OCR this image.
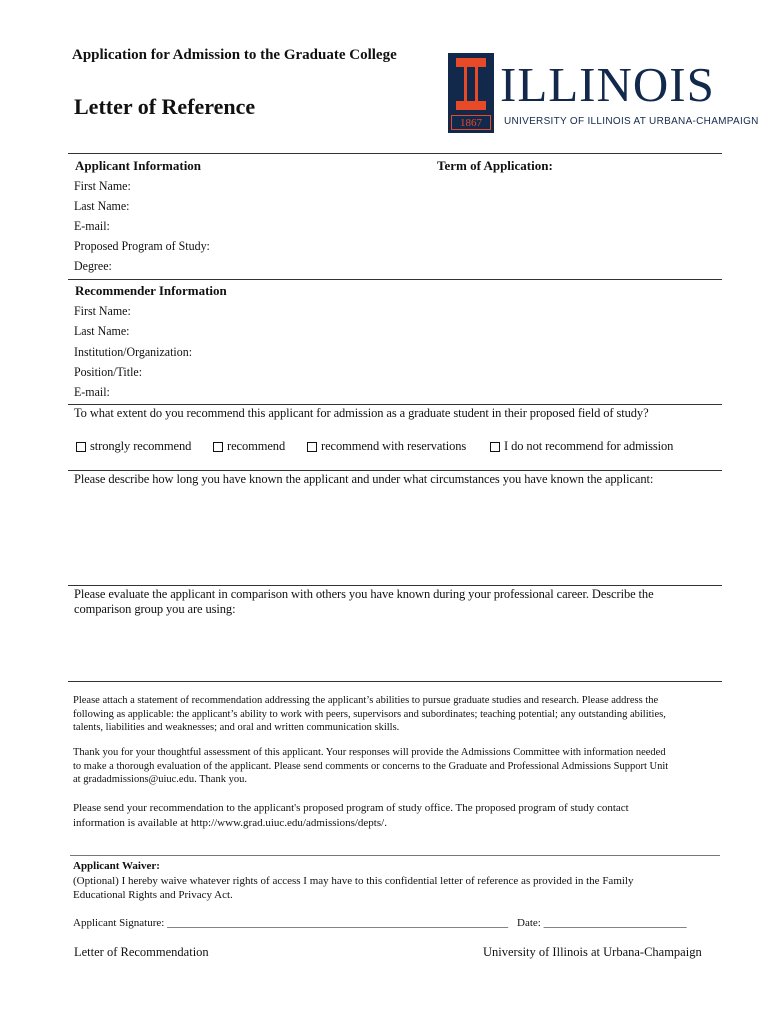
Application for Admission to the Graduate College
Letter of Reference
1867
ILLINOIS
UNIVERSITY OF ILLINOIS AT URBANA-CHAMPAIGN
Applicant Information	Term of Application:
First Name:
Last Name:
E-mail:
Proposed Program of Study:
Degree:
Recommender Information
First Name:
Last Name:
Institution/Organization:
Position/Title:
E-mail:
To what extent do you recommend this applicant for admission as a graduate student in their proposed field of study?
strongly recommend	recommend	recommend with reservations	I do not recommend for admission
Please describe how long you have known the applicant and under what circumstances you have known the applicant:
Please evaluate the applicant in comparison with others you have known during your professional career. Describe the
comparison group you are using:
Please attach a statement of recommendation addressing the applicant’s abilities to pursue graduate studies and research. Please address the
following as applicable: the applicant’s ability to work with peers, supervisors and subordinates; teaching potential; any outstanding abilities,
talents, liabilities and weaknesses; and oral and written communication skills.
Thank you for your thoughtful assessment of this applicant. Your responses will provide the Admissions Committee with information needed
to make a thorough evaluation of the applicant. Please send comments or concerns to the Graduate and Professional Admissions Support Unit
at gradadmissions@uiuc.edu. Thank you.
Please send your recommendation to the applicant's proposed program of study office. The proposed program of study contact
information is available at http://www.grad.uiuc.edu/admissions/depts/.
Applicant Waiver:
(Optional) I hereby waive whatever rights of access I may have to this confidential letter of reference as provided in the Family
Educational Rights and Privacy Act.
Applicant Signature: ______________________________________________________________ Date: __________________________
Letter of Recommendation	University of Illinois at Urbana-Champaign
